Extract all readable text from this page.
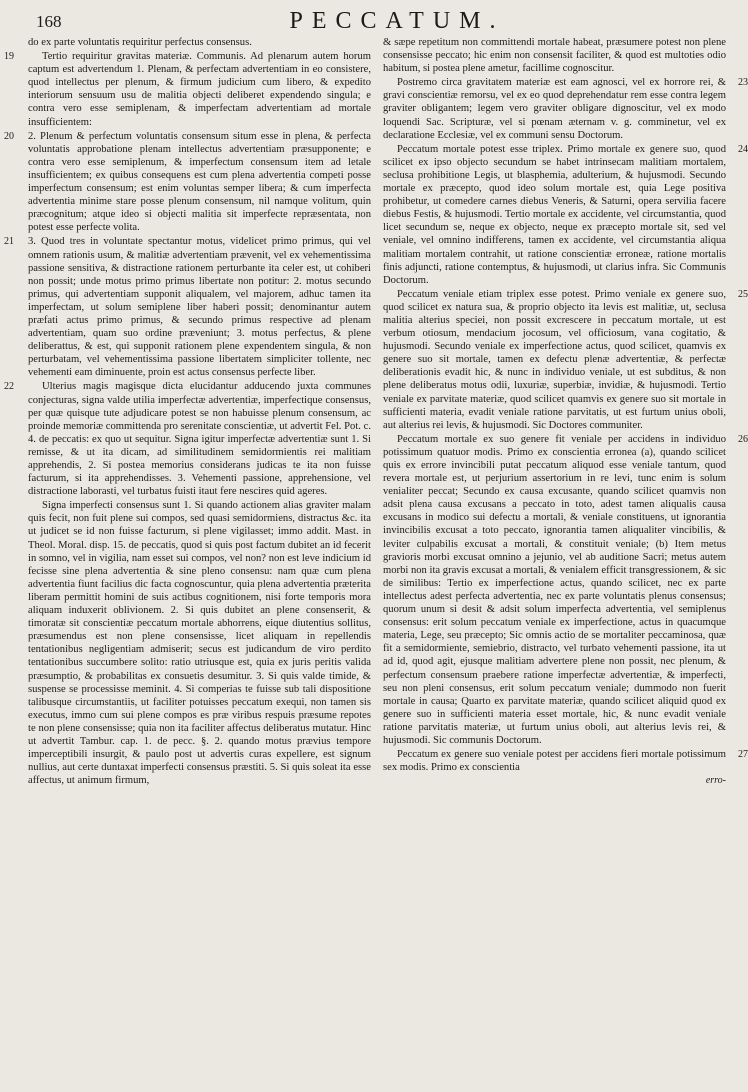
168	PECCATUM.

do ex parte voluntatis requiritur perfectus consensus.

19	Tertio requiritur gravitas materiæ. Communis. Ad plenarum autem horum captum est advertendum 1. Plenam, & perfectam advertentiam in eo consistere, quod intellectus per plenum, & firmum judicium cum libero, & expedito interiorum sensuum usu de malitia objecti deliberet expendendo singula; e contra vero esse semiplenam, & imperfectam advertentiam ad mortale insufficientem:

20 2. Plenum & perfectum voluntatis consensum situm esse in plena, & perfecta voluntatis approbatione plenam intellectus advertentiam præsupponente; e contra vero esse semiplenum, & imperfectum consensum item ad letale insufficientem; ex quibus consequens est cum plena advertentia competi posse imperfectum consensum; est enim voluntas semper libera; & cum imperfecta advertentia minime stare posse plenum consensum, nil namque volitum, quin præcognitum; atque ideo si objecti malitia sit imperfecte repræsentata, non potest esse perfecte volita.

21 3. Quod tres in voluntate spectantur motus, videlicet primo primus, qui vel omnem rationis usum, & malitiæ advertentiam prævenit, vel ex vehementissima passione sensitiva, & distractione rationem perturbante ita celer est, ut cohiberi non possit; unde motus primo primus libertate non potitur: 2. motus secundo primus, qui advertentiam supponit aliqualem, vel majorem, adhuc tamen ita imperfectam, ut solum semiplene liber haberi possit; denominantur autem præfati actus primo primus, & secundo primus respective ad plenam advertentiam, quam suo ordine præveniunt; 3. motus perfectus, & plene deliberattus, & est, qui supponit rationem plene expendentem singula, & non perturbatam, vel vehementissima passione libertatem simpliciter tollente, nec vehementi eam diminuente, proin est actus consensus perfecte liber.

22	Ulterius magis magisque dicta elucidantur adducendo juxta communes conjecturas, signa valde utilia imperfectæ advertentiæ, imperfectique consensus, per quæ quisque tute adjudicare potest se non habuisse plenum consensum, ac proinde memoriæ committenda pro serenitate conscientiæ, ut advertit Fel. Pot. c. 4. de peccatis: ex quo ut sequitur. Signa igitur imperfectæ advertentiæ sunt 1. Si remisse, & ut ita dicam, ad similitudinem semidormientis rei malitiam apprehendis, 2. Si postea memorius considerans judicas te ita non fuisse facturum, si ita apprehendisses. 3. Vehementi passione, apprehensione, vel distractione laborasti, vel turbatus fuisti itaut fere nescires quid ageres.

Signa imperfecti consensus sunt 1. Si quando actionem alias graviter malam quis fecit, non fuit plene sui compos, sed quasi semidormiens, distractus &c. ita ut judicet se id non fuisse facturum, si plene vigilasset; immo addit. Mast. in Theol. Moral. disp. 15. de peccatis, quod si quis post factum dubitet an id fecerit in somno, vel in vigilia, nam esset sui compos, vel non? non est leve indicium id fecisse sine plena advertentia & sine pleno consensu: nam quæ cum plena advertentia fiunt facilius dic facta cognoscuntur, quia plena advertentia præterita liberam permittit homini de suis actibus cognitionem, nisi forte temporis mora aliquam induxerit oblivionem. 2. Si quis dubitet an plene consenserit, & timoratæ sit conscientiæ peccatum mortale abhorrens, eique diutentius sollitus, præsumendus est non plene consensisse, licet aliquam in repellendis tentationibus negligentiam admiserit; secus est judicandum de viro perdito tentationibus succumbere solito: ratio utriusque est, quia ex juris peritis valida præsumptio, & probabilitas ex consuetis desumitur. 3. Si quis valde timide, & suspense se processisse meminit. 4. Si comperias te fuisse sub tali dispositione talibusque circumstantiis, ut faciliter potuisses peccatum exequi, non tamen sis executus, immo cum sui plene compos es præ viribus respuis præsume repotes te non plene consensisse; quia non ita faciliter affectus deliberatus mutatur. Hinc ut advertit Tambur. cap. 1. de pecc. §. 2. quando motus prævius tempore imperceptibili insurgit, & paulo post ut advertis curas expellere, est signum nullius, aut certe duntaxat imperfecti consensus præstiti. 5. Si quis soleat ita esse affectus, ut animum firmum,

& sæpe repetitum non committendi mortale habeat, præsumere potest non plene consensisse peccato; hic enim non consensit faciliter, & quod est multoties odio habitum, si postea plene ametur, facillime cognoscitur.

23
Postremo circa gravitatem materiæ est eam agnosci, vel ex horrore rei, & gravi conscientiæ remorsu, vel ex eo quod deprehendatur rem esse contra legem graviter obligantem; legem vero graviter obligare dignoscitur, vel ex modo loquendi Sac. Scripturæ, vel si pœnam æternam v. g. comminetur, vel ex declaratione Ecclesiæ, vel ex communi sensu Doctorum.

24
Peccatum mortale potest esse triplex. Primo mortale ex genere suo, quod scilicet ex ipso objecto secundum se habet intrinsecam malitiam mortalem, seclusa prohibitione Legis, ut blasphemia, adulterium, & hujusmodi. Secundo mortale ex præcepto, quod ideo solum mortale est, quia Lege positiva prohibetur, ut comedere carnes diebus Veneris, & Saturni, opera servilia facere diebus Festis, & hujusmodi. Tertio mortale ex accidente, vel circumstantia, quod licet secundum se, neque ex objecto, neque ex præcepto mortale sit, sed vel veniale, vel omnino indifferens, tamen ex accidente, vel circumstantia aliqua malitiam mortalem contrahit, ut ratione conscientiæ erroneæ, ratione mortalis finis adjuncti, ratione contemptus, & hujusmodi, ut clarius infra. Sic Communis Doctorum.

25
Peccatum veniale etiam triplex esse potest. Primo veniale ex genere suo, quod scilicet ex natura sua, & proprio objecto ita levis est malitiæ, ut, seclusa malitia alterius speciei, non possit excrescere in peccatum mortale, ut est verbum otiosum, mendacium jocosum, vel officiosum, vana cogitatio, & hujusmodi. Secundo veniale ex imperfectione actus, quod scilicet, quamvis ex genere suo sit mortale, tamen ex defectu plenæ advertentiæ, & perfectæ deliberationis evadit hic, & nunc in individuo veniale, ut est subditus, & non plene deliberatus motus odii, luxuriæ, superbiæ, invidiæ, & hujusmodi. Tertio veniale ex parvitate materiæ, quod scilicet quamvis ex genere suo sit mortale in sufficienti materia, evadit veniale ratione parvitatis, ut est furtum unius oboli, aut alterius rei levis, & hujusmodi. Sic Doctores communiter.

26
Peccatum mortale ex suo genere fit veniale per accidens in individuo potissimum quatuor modis. Primo ex conscientia erronea (a), quando scilicet quis ex errore invincibili putat peccatum aliquod esse veniale tantum, quod revera mortale est, ut perjurium assertorium in re levi, tunc enim is solum venialiter peccat; Secundo ex causa excusante, quando scilicet quamvis non adsit plena causa excusans a peccato in toto, adest tamen aliqualis causa excusans in modico sui defectu a mortali, & veniale constituens, ut ignorantia invincibilis excusat a toto peccato, ignorantia tamen aliqualiter vincibilis, & leviter culpabilis excusat a mortali, & constituit veniale; (b) Item metus gravioris morbi excusat omnino a jejunio, vel ab auditione Sacri; metus autem morbi non ita gravis excusat a mortali, & venialem efficit transgressionem, & sic de similibus: Tertio ex imperfectione actus, quando scilicet, nec ex parte intellectus adest perfecta advertentia, nec ex parte voluntatis plenus consensus; quorum unum si desit & adsit solum imperfecta advertentia, vel semiplenus consensus: erit solum peccatum veniale ex imperfectione, actus in quacumque materia, Lege, seu præcepto; Sic omnis actio de se mortaliter peccaminosa, quæ fit a semidormiente, semiebrio, distracto, vel turbato vehementi passione, ita ut ad id, quod agit, ejusque malitiam advertere plene non possit, nec plenum, & perfectum consensum praebere ratione imperfectæ advertentiæ, & imperfecti, seu non pleni consensus, erit solum peccatum veniale; dummodo non fuerit mortale in causa; Quarto ex parvitate materiæ, quando scilicet aliquid quod ex genere suo in sufficienti materia esset mortale, hic, & nunc evadit veniale ratione parvitatis materiæ, ut furtum unius oboli, aut alterius levis rei, & hujusmodi. Sic communis Doctorum.

27
Peccatum ex genere suo veniale potest per accidens fieri mortale potissimum sex modis. Primo ex conscientia

erro-
